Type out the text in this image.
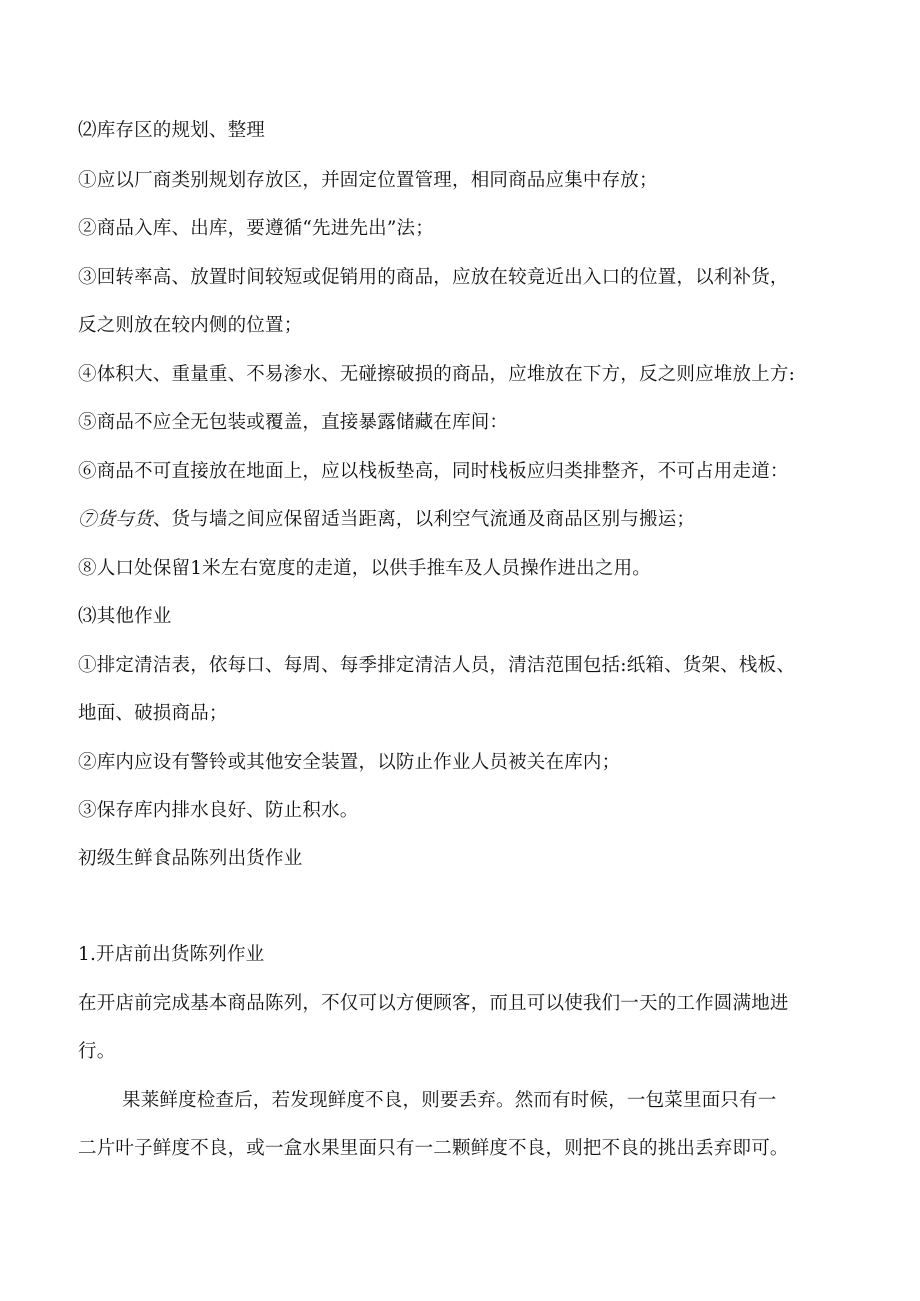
⑵库存区的规划、整理
①应以厂商类别规划存放区，并固定位置管理，相同商品应集中存放；
②商品入库、出库，要遵循“先进先出”法；
③回转率高、放置时间较短或促销用的商品，应放在较竟近出入口的位置，以利补货，
反之则放在较内侧的位置；
④体积大、重量重、不易渗水、无碰擦破损的商品，应堆放在下方，反之则应堆放上方:
⑤商品不应全无包装或覆盖，直接暴露储藏在库间：
⑥商品不可直接放在地面上，应以栈板垫高，同时栈板应归类排整齐，不可占用走道：
⑦货与货、货与墙之间应保留适当距离，以利空气流通及商品区别与搬运；
⑧人口处保留1米左右宽度的走道，以供手推车及人员操作进出之用。
⑶其他作业
①排定清洁表，依每口、每周、每季排定清洁人员，清洁范围包括:纸箱、货架、栈板、
地面、破损商品；
②库内应设有警铃或其他安全装置，以防止作业人员被关在库内；
③保存库内排水良好、防止积水。
初级生鲜食品陈列出货作业
1.开店前出货陈列作业
在开店前完成基本商品陈列，不仅可以方便顾客，而且可以使我们一天的工作圆满地进
行。
果莱鲜度检查后，若发现鲜度不良，则要丢弃。然而有时候，一包菜里面只有一
二片叶子鲜度不良，或一盒水果里面只有一二颗鲜度不良，则把不良的挑出丢弃即可。
